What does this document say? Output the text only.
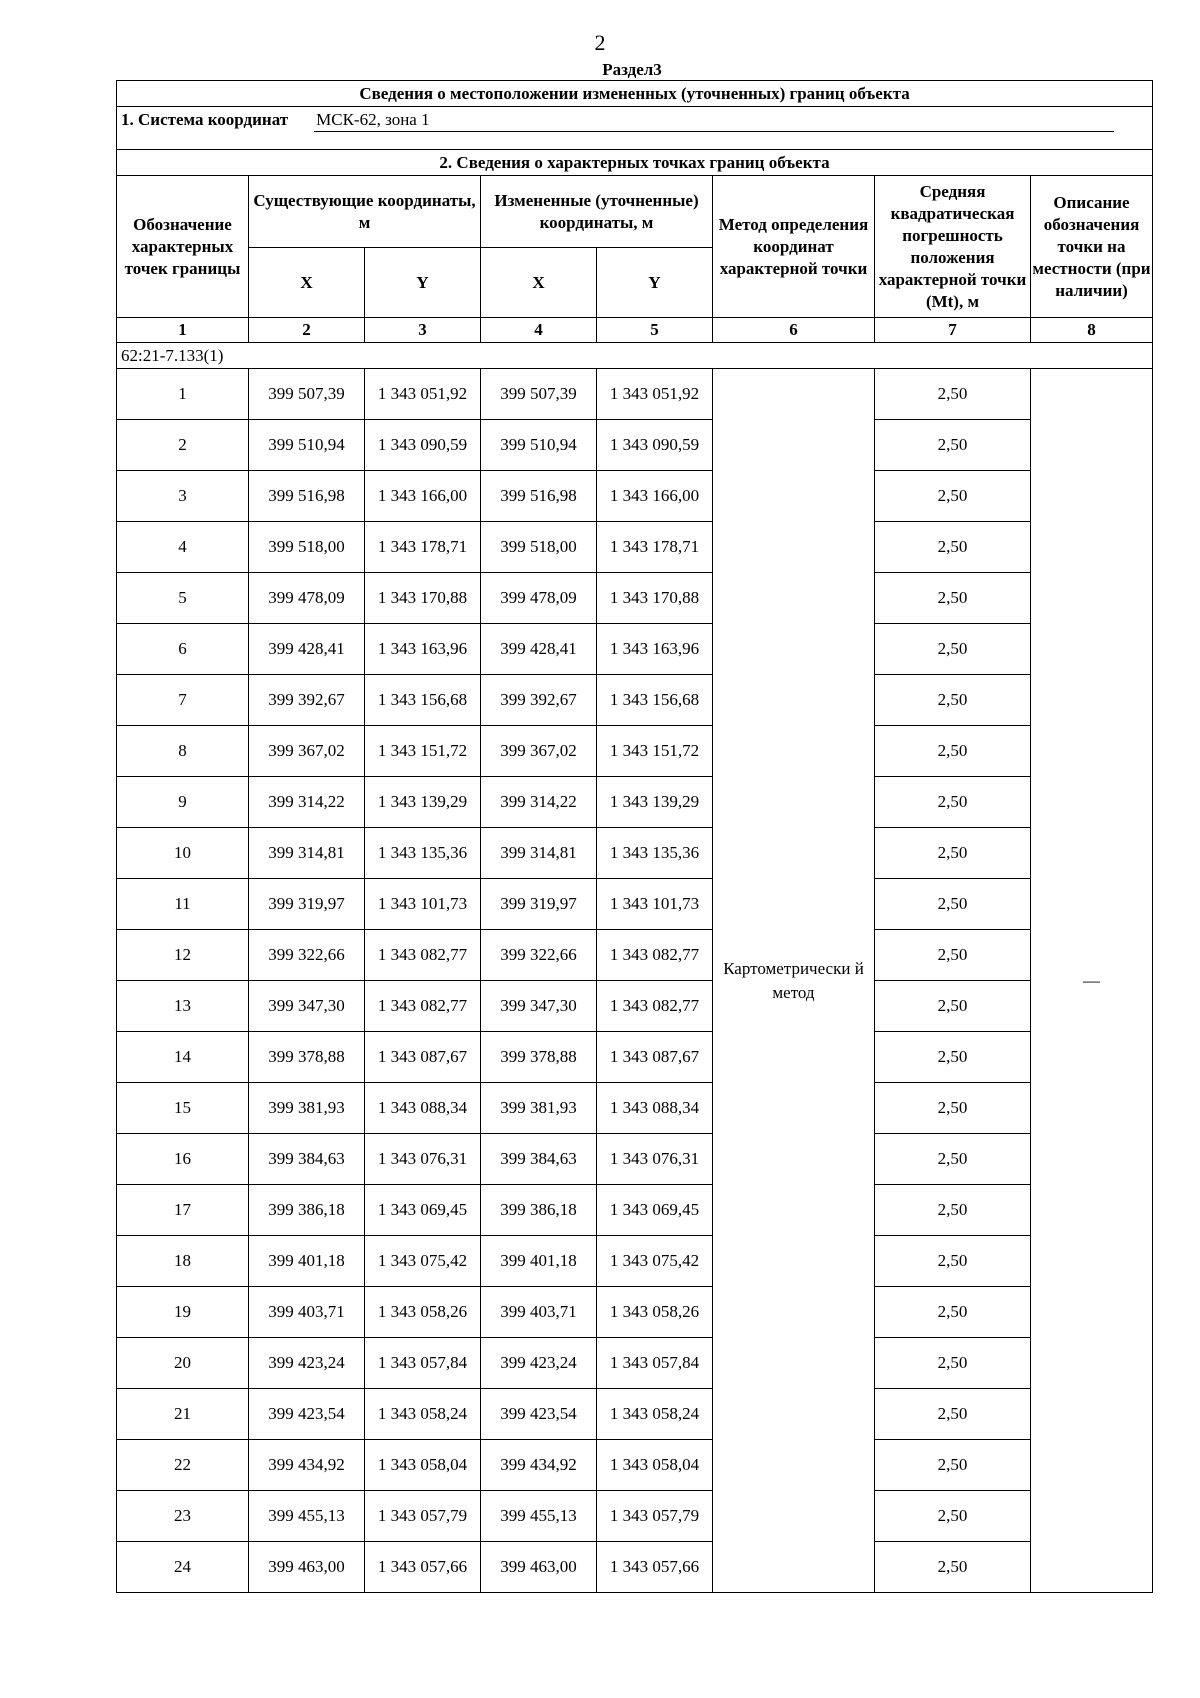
2
Раздел3
Сведения о местоположении измененных (уточненных) границ объекта							
1. Система координат МСК-62, зона 1							
2. Сведения о характерных точках границ объекта							
Обозначение характерных точек границы	Существующие координаты, м		Измененные (уточненные) координаты, м		Метод определения координат характерной точки	Средняя квадратическая погрешность положения характерной точки (Mt), м	Описание обозначения точки на местности (при наличии)
	X	Y	X	Y			
1	2	3	4	5	6	7	8
62:21-7.133(1)							
1	399 507,39	1 343 051,92	399 507,39	1 343 051,92	Картометрически й метод	2,50	—
2	399 510,94	1 343 090,59	399 510,94	1 343 090,59		2,50	
3	399 516,98	1 343 166,00	399 516,98	1 343 166,00		2,50	
4	399 518,00	1 343 178,71	399 518,00	1 343 178,71		2,50	
5	399 478,09	1 343 170,88	399 478,09	1 343 170,88		2,50	
6	399 428,41	1 343 163,96	399 428,41	1 343 163,96		2,50	
7	399 392,67	1 343 156,68	399 392,67	1 343 156,68		2,50	
8	399 367,02	1 343 151,72	399 367,02	1 343 151,72		2,50	
9	399 314,22	1 343 139,29	399 314,22	1 343 139,29		2,50	
10	399 314,81	1 343 135,36	399 314,81	1 343 135,36		2,50	
11	399 319,97	1 343 101,73	399 319,97	1 343 101,73		2,50	
12	399 322,66	1 343 082,77	399 322,66	1 343 082,77		2,50	
13	399 347,30	1 343 082,77	399 347,30	1 343 082,77		2,50	
14	399 378,88	1 343 087,67	399 378,88	1 343 087,67		2,50	
15	399 381,93	1 343 088,34	399 381,93	1 343 088,34		2,50	
16	399 384,63	1 343 076,31	399 384,63	1 343 076,31		2,50	
17	399 386,18	1 343 069,45	399 386,18	1 343 069,45		2,50	
18	399 401,18	1 343 075,42	399 401,18	1 343 075,42		2,50	
19	399 403,71	1 343 058,26	399 403,71	1 343 058,26		2,50	
20	399 423,24	1 343 057,84	399 423,24	1 343 057,84		2,50	
21	399 423,54	1 343 058,24	399 423,54	1 343 058,24		2,50	
22	399 434,92	1 343 058,04	399 434,92	1 343 058,04		2,50	
23	399 455,13	1 343 057,79	399 455,13	1 343 057,79		2,50	
24	399 463,00	1 343 057,66	399 463,00	1 343 057,66		2,50	
